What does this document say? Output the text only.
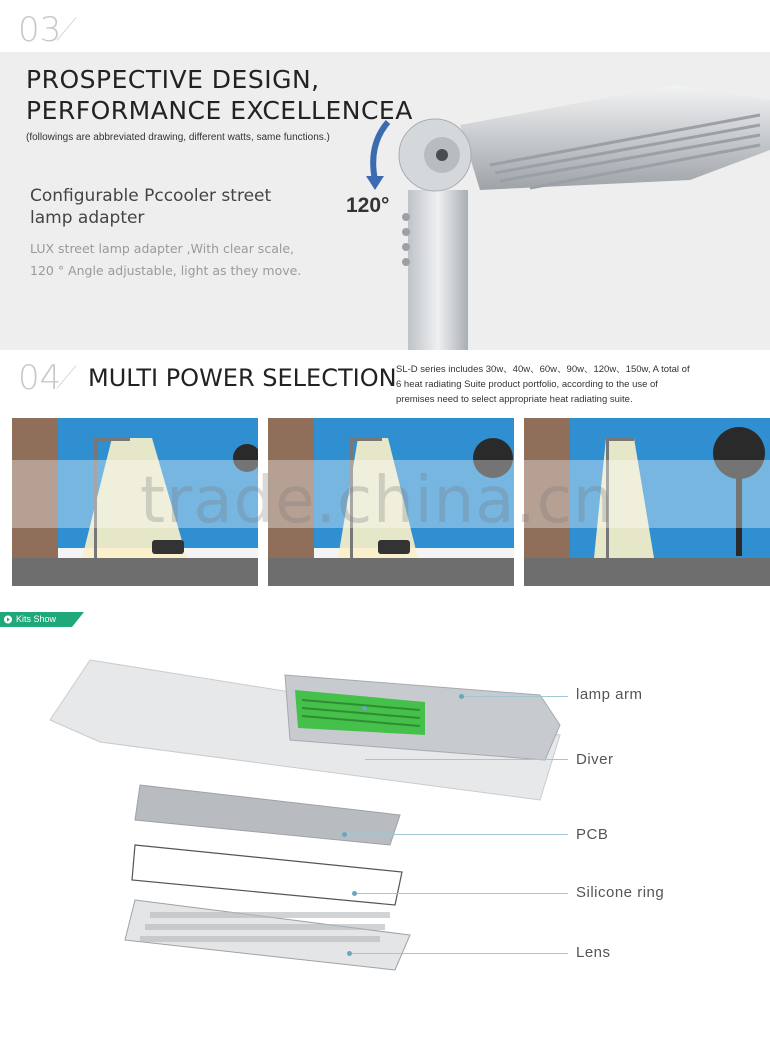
03
PROSPECTIVE DESIGN, PERFORMANCE EXCELLENCEA
(followings are abbreviated drawing, different watts, same functions.)
Configurable Pccooler street lamp adapter
LUX street lamp adapter ,With clear scale, 120 ° Angle adjustable, light as they move.
120°
04 MULTI POWER SELECTION SL-D series includes 30w、40w、60w、90w、120w、150w, A total of 6 heat radiating Suite product portfolio, according to the use of premises need to select appropriate heat radiating suite.
trade.china.cn
Kits Show
lamp arm
Diver
PCB
Silicone ring
Lens
